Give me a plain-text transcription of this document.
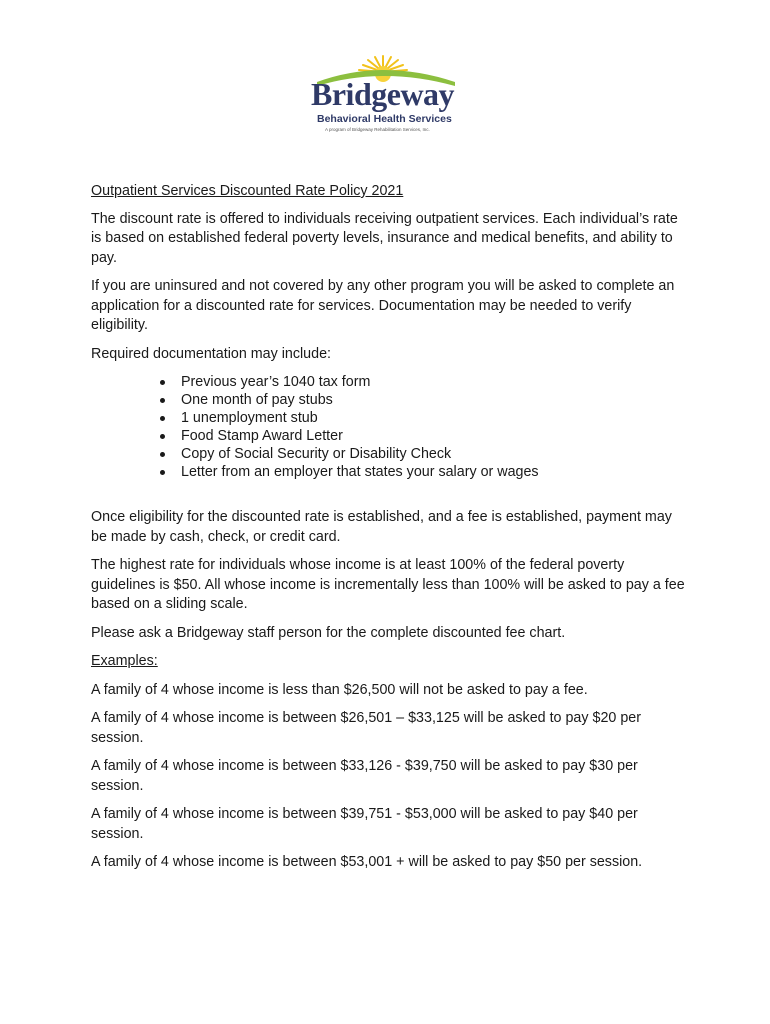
Bridgeway
Behavioral Health Services
A program of Bridgeway Rehabilitation Services, Inc.

Outpatient Services Discounted Rate Policy 2021

The discount rate is offered to individuals receiving outpatient services. Each individual’s rate is based on established federal poverty levels, insurance and medical benefits, and ability to pay.

If you are uninsured and not covered by any other program you will be asked to complete an application for a discounted rate for services. Documentation may be needed to verify eligibility.

Required documentation may include:

Previous year’s 1040 tax form
One month of pay stubs
1 unemployment stub
Food Stamp Award Letter
Copy of Social Security or Disability Check
Letter from an employer that states your salary or wages

Once eligibility for the discounted rate is established, and a fee is established, payment may be made by cash, check, or credit card.

The highest rate for individuals whose income is at least 100% of the federal poverty guidelines is $50. All whose income is incrementally less than 100% will be asked to pay a fee based on a sliding scale.

Please ask a Bridgeway staff person for the complete discounted fee chart.

Examples:

A family of 4 whose income is less than $26,500 will not be asked to pay a fee.

A family of 4 whose income is between $26,501 – $33,125 will be asked to pay $20 per session.

A family of 4 whose income is between $33,126 - $39,750 will be asked to pay $30 per session.

A family of 4 whose income is between $39,751 - $53,000 will be asked to pay $40 per session.

A family of 4 whose income is between $53,001 + will be asked to pay $50 per session.
